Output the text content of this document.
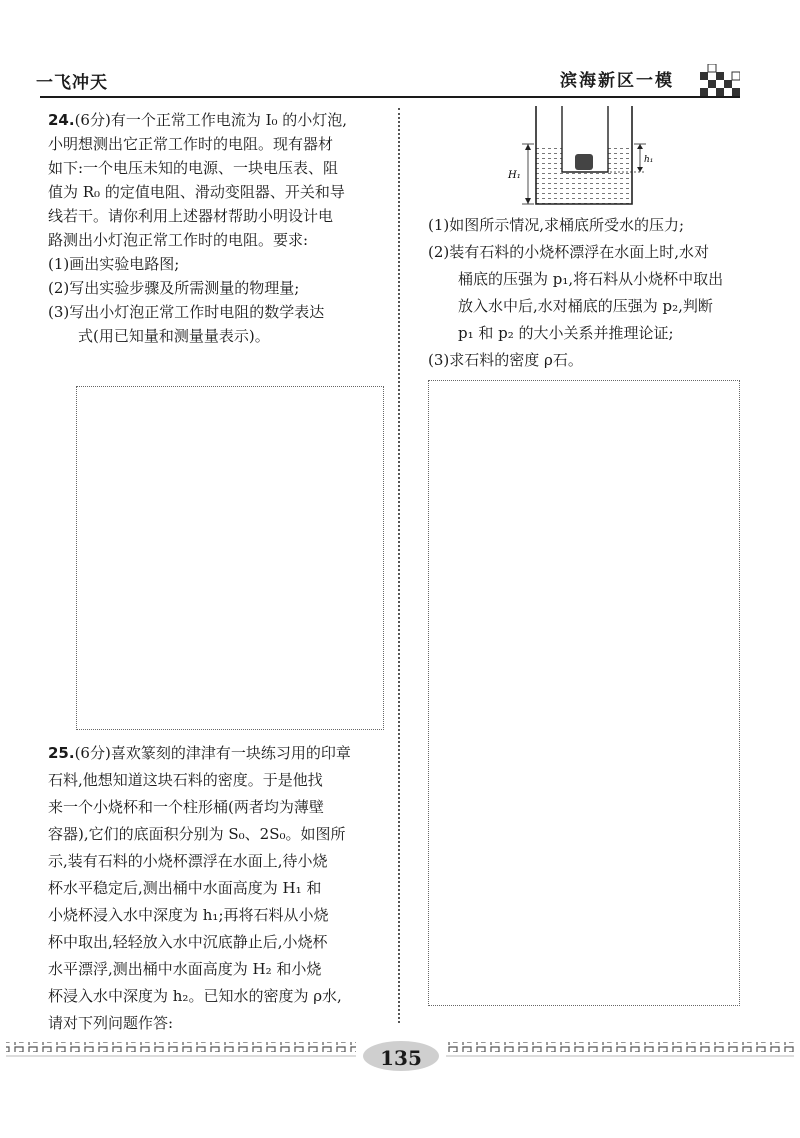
一飞冲天	滨海新区一模

24.(6分)有一个正常工作电流为 I₀ 的小灯泡,

小明想测出它正常工作时的电阻。现有器材

如下:一个电压未知的电源、一块电压表、阻

值为 R₀ 的定值电阻、滑动变阻器、开关和导

线若干。请你利用上述器材帮助小明设计电

路测出小灯泡正常工作时的电阻。要求:

(1)画出实验电路图;

(2)写出实验步骤及所需测量的物理量;

(3)写出小灯泡正常工作时电阻的数学表达

式(用已知量和测量量表示)。

25.(6分)喜欢篆刻的津津有一块练习用的印章

石料,他想知道这块石料的密度。于是他找

来一个小烧杯和一个柱形桶(两者均为薄壁

容器),它们的底面积分别为 S₀、2S₀。如图所

示,装有石料的小烧杯漂浮在水面上,待小烧

杯水平稳定后,测出桶中水面高度为 H₁ 和

小烧杯浸入水中深度为 h₁;再将石料从小烧

杯中取出,轻轻放入水中沉底静止后,小烧杯

水平漂浮,测出桶中水面高度为 H₂ 和小烧

杯浸入水中深度为 h₂。已知水的密度为 ρ水,

请对下列问题作答:

H₁
h₁

(1)如图所示情况,求桶底所受水的压力;

(2)装有石料的小烧杯漂浮在水面上时,水对

桶底的压强为 p₁,将石料从小烧杯中取出

放入水中后,水对桶底的压强为 p₂,判断

p₁ 和 p₂ 的大小关系并推理论证;

(3)求石料的密度 ρ石。

135
